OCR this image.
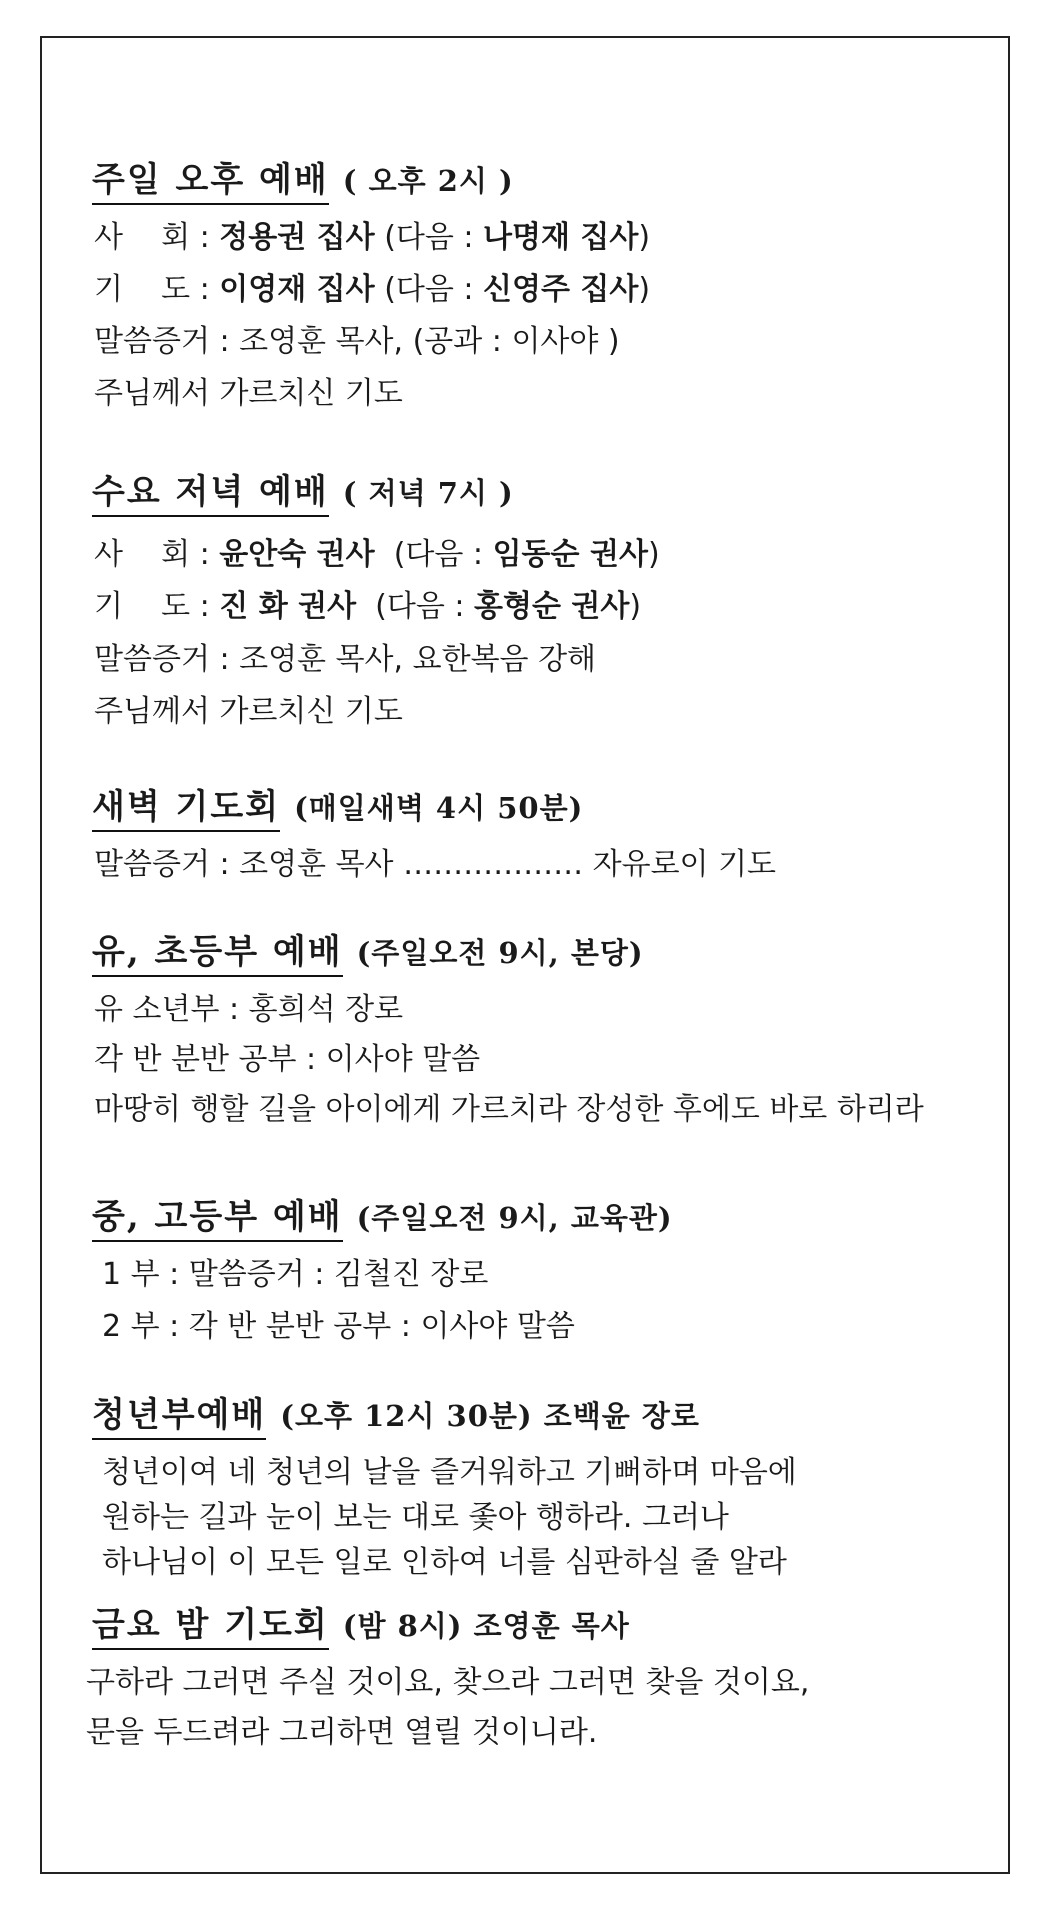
주일 오후 예배 ( 오후 2시 )
사    회 : 정용권 집사 (다음 : 나명재 집사)
기    도 : 이영재 집사 (다음 : 신영주 집사)
말씀증거 : 조영훈 목사, (공과 : 이사야 )
주님께서 가르치신 기도
수요 저녁 예배 ( 저녁 7시 )
사    회 : 윤안숙 권사  (다음 : 임동순 권사)
기    도 : 진 화 권사  (다음 : 홍형순 권사)
말씀증거 : 조영훈 목사, 요한복음 강해
주님께서 가르치신 기도
새벽 기도회 (매일새벽 4시 50분)
말씀증거 : 조영훈 목사 ……………… 자유로이 기도
유, 초등부 예배 (주일오전 9시, 본당)
유 소년부 : 홍희석 장로
각 반 분반 공부 : 이사야 말씀
마땅히 행할 길을 아이에게 가르치라 장성한 후에도 바로 하리라
중, 고등부 예배 (주일오전 9시, 교육관)
1 부 : 말씀증거 : 김철진 장로
2 부 : 각 반 분반 공부 : 이사야 말씀
청년부예배 (오후 12시 30분) 조백윤 장로
청년이여 네 청년의 날을 즐거워하고 기뻐하며 마음에
원하는 길과 눈이 보는 대로 좇아 행하라. 그러나
하나님이 이 모든 일로 인하여 너를 심판하실 줄 알라
금요 밤 기도회 (밤 8시) 조영훈 목사
구하라 그러면 주실 것이요, 찾으라 그러면 찾을 것이요,
문을 두드려라 그리하면 열릴 것이니라.
